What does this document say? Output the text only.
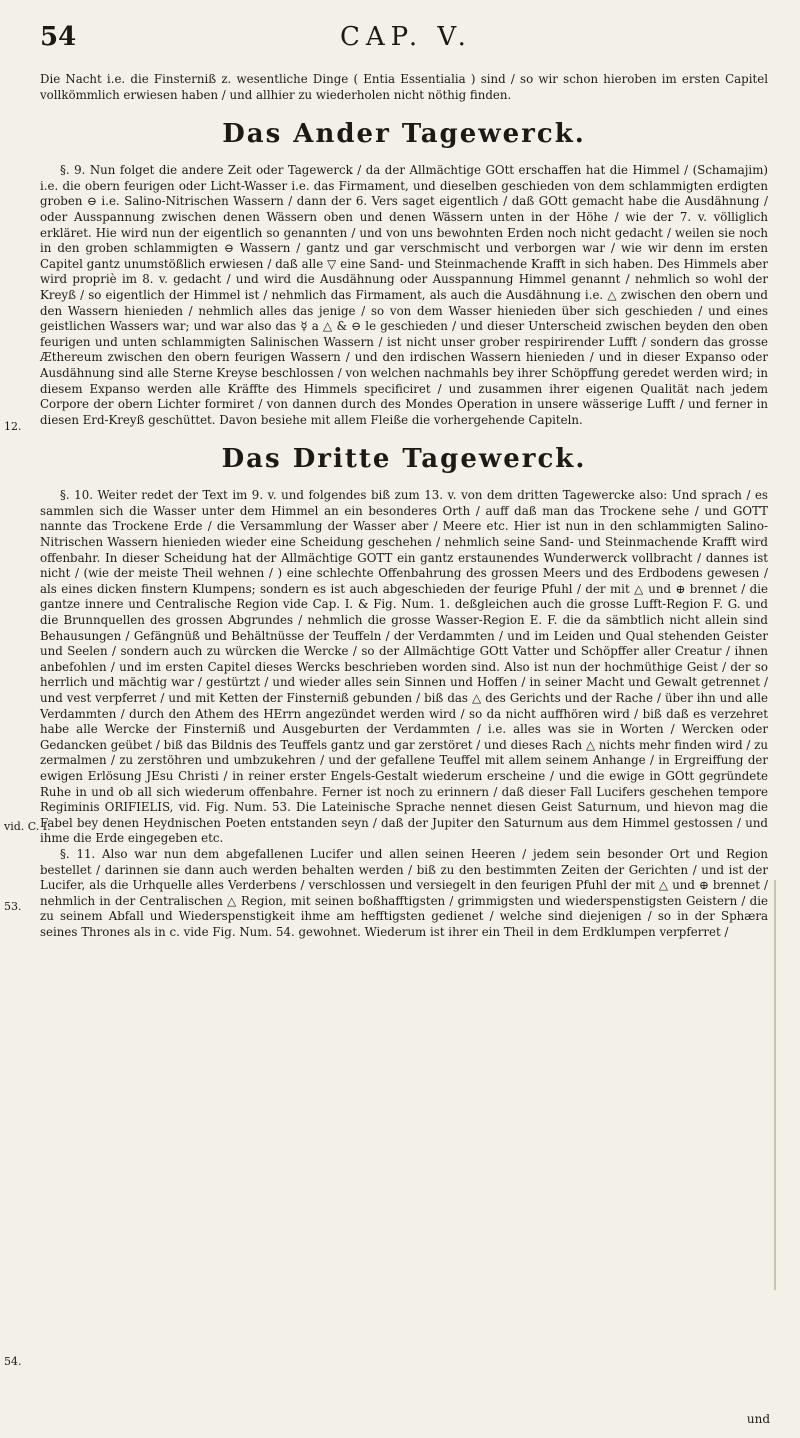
54	CAP. V.

Die Nacht i.e. die Finsterniß z. wesentliche Dinge ( Entia Essentialia ) sind / so wir schon hieroben im ersten Capitel vollkömmlich erwiesen haben / und allhier zu wiederholen nicht nöthig finden.

Das Ander Tagewerck.

§. 9. Nun folget die andere Zeit oder Tagewerck / da der Allmächtige GOtt erschaffen hat die Himmel / (Schamajim) i.e. die obern feurigen oder Licht-Wasser i.e. das Firmament, und dieselben geschieden von dem schlammigten erdigten groben ⊖ i.e. Salino-Nitrischen Wassern / dann der 6. Vers saget eigentlich / daß GOtt gemacht habe die Ausdähnung / oder Ausspannung zwischen denen Wässern oben und denen Wässern unten in der Höhe / wie der 7. v. völliglich erkläret. Hie wird nun der eigentlich so genannten / und von uns bewohnten Erden noch nicht gedacht / weilen sie noch in den groben schlammigten ⊖ Wassern / gantz und gar verschmischt und verborgen war / wie wir denn im ersten Capitel gantz unumstößlich erwiesen / daß alle ▽ eine Sand- und Steinmachende Krafft in sich haben. Des Himmels aber wird propriè im 8. v. gedacht / und wird die Ausdähnung oder Ausspannung Himmel genannt / nehmlich so wohl der Kreyß / so eigentlich der Himmel ist / nehmlich das Firmament, als auch die Ausdähnung i.e. △ zwischen den obern und den Wassern hienieden / nehmlich alles das jenige / so von dem Wasser hienieden über sich geschieden / und eines geistlichen Wassers war; und war also das ☿ a △ & ⊖ le geschieden / und dieser Unterscheid zwischen beyden den oben feurigen und unten schlammigten Salinischen Wassern / ist nicht unser grober respirirender Lufft / sondern das grosse Æthereum zwischen den obern feurigen Wassern / und den irdischen Wassern hienieden / und in dieser Expanso oder Ausdähnung sind alle Sterne Kreyse beschlossen / von welchen nachmahls bey ihrer Schöpffung geredet werden wird; in diesem Expanso werden alle Kräffte des Himmels specificiret / und zusammen ihrer eigenen Qualität nach jedem Corpore der obern Lichter formiret / von dannen durch des Mondes Operation in unsere wässerige Lufft / und ferner in diesen Erd-Kreyß geschüttet. Davon besiehe mit allem Fleiße die vorhergehende Capiteln.

Das Dritte Tagewerck.

§. 10. Weiter redet der Text im 9. v. und folgendes biß zum 13. v. von dem dritten Tagewercke also: Und sprach / es sammlen sich die Wasser unter dem Himmel an ein besonderes Orth / auff daß man das Trockene sehe / und GOTT nannte das Trockene Erde / die Versammlung der Wasser aber / Meere etc. Hier ist nun in den schlammigten Salino-Nitrischen Wassern hienieden wieder eine Scheidung geschehen / nehmlich seine Sand- und Steinmachende Krafft wird offenbahr. In dieser Scheidung hat der Allmächtige GOTT ein gantz erstaunendes Wunderwerck vollbracht / dannes ist nicht / (wie der meiste Theil wehnen / ) eine schlechte Offenbahrung des grossen Meers und des Erdbodens gewesen / als eines dicken finstern Klumpens; sondern es ist auch abgeschieden der feurige Pfuhl / der mit △ und ⊕ brennet / die gantze innere und Centralische Region vide Cap. I. & Fig. Num. 1. deßgleichen auch die grosse Lufft-Region F. G. und die Brunnquellen des grossen Abgrundes / nehmlich die grosse Wasser-Region E. F. die da sämbtlich nicht allein sind Behausungen / Gefängnüß und Behältnüsse der Teuffeln / der Verdammten / und im Leiden und Qual stehenden Geister und Seelen / sondern auch zu würcken die Wercke / so der Allmächtige GOtt Vatter und Schöpffer aller Creatur / ihnen anbefohlen / und im ersten Capitel dieses Wercks beschrieben worden sind. Also ist nun der hochmüthige Geist / der so herrlich und mächtig war / gestürtzt / und wieder alles sein Sinnen und Hoffen / in seiner Macht und Gewalt getrennet / und vest verpferret / und mit Ketten der Finsterniß gebunden / biß das △ des Gerichts und der Rache / über ihn und alle Verdammten / durch den Athem des HErrn angezündet werden wird / so da nicht auffhören wird / biß daß es verzehret habe alle Wercke der Finsterniß und Ausgeburten der Verdammten / i.e. alles was sie in Worten / Wercken oder Gedancken geübet / biß das Bildnis des Teuffels gantz und gar zerstöret / und dieses Rach △ nichts mehr finden wird / zu zermalmen / zu zerstöhren und umbzukehren / und der gefallene Teuffel mit allem seinem Anhange / in Ergreiffung der ewigen Erlösung JEsu Christi / in reiner erster Engels-Gestalt wiederum erscheine / und die ewige in GOtt gegründete Ruhe in und ob all sich wiederum offenbahre. Ferner ist noch zu erinnern / daß dieser Fall Lucifers geschehen tempore Regiminis ORIFIELIS, vid. Fig. Num. 53. Die Lateinische Sprache nennet diesen Geist Saturnum, und hievon mag die Fabel bey denen Heydnischen Poeten entstanden seyn / daß der Jupiter den Saturnum aus dem Himmel gestossen / und ihme die Erde eingegeben etc.

§. 11. Also war nun dem abgefallenen Lucifer und allen seinen Heeren / jedem sein besonder Ort und Region bestellet / darinnen sie dann auch werden behalten werden / biß zu den bestimmten Zeiten der Gerichten / und ist der Lucifer, als die Urhquelle alles Verderbens / verschlossen und versiegelt in den feurigen Pfuhl der mit △ und ⊕ brennet / nehmlich in der Centralischen △ Region, mit seinen boßhafftigsten / grimmigsten und wiederspenstigsten Geistern / die zu seinem Abfall und Wiederspenstigkeit ihme am hefftigsten gedienet / welche sind diejenigen / so in der Sphæra seines Thrones als in c. vide Fig. Num. 54. gewohnet. Wiederum ist ihrer ein Theil in dem Erdklumpen verpferret /

12.
vid. C. I.
53.
54.
und
